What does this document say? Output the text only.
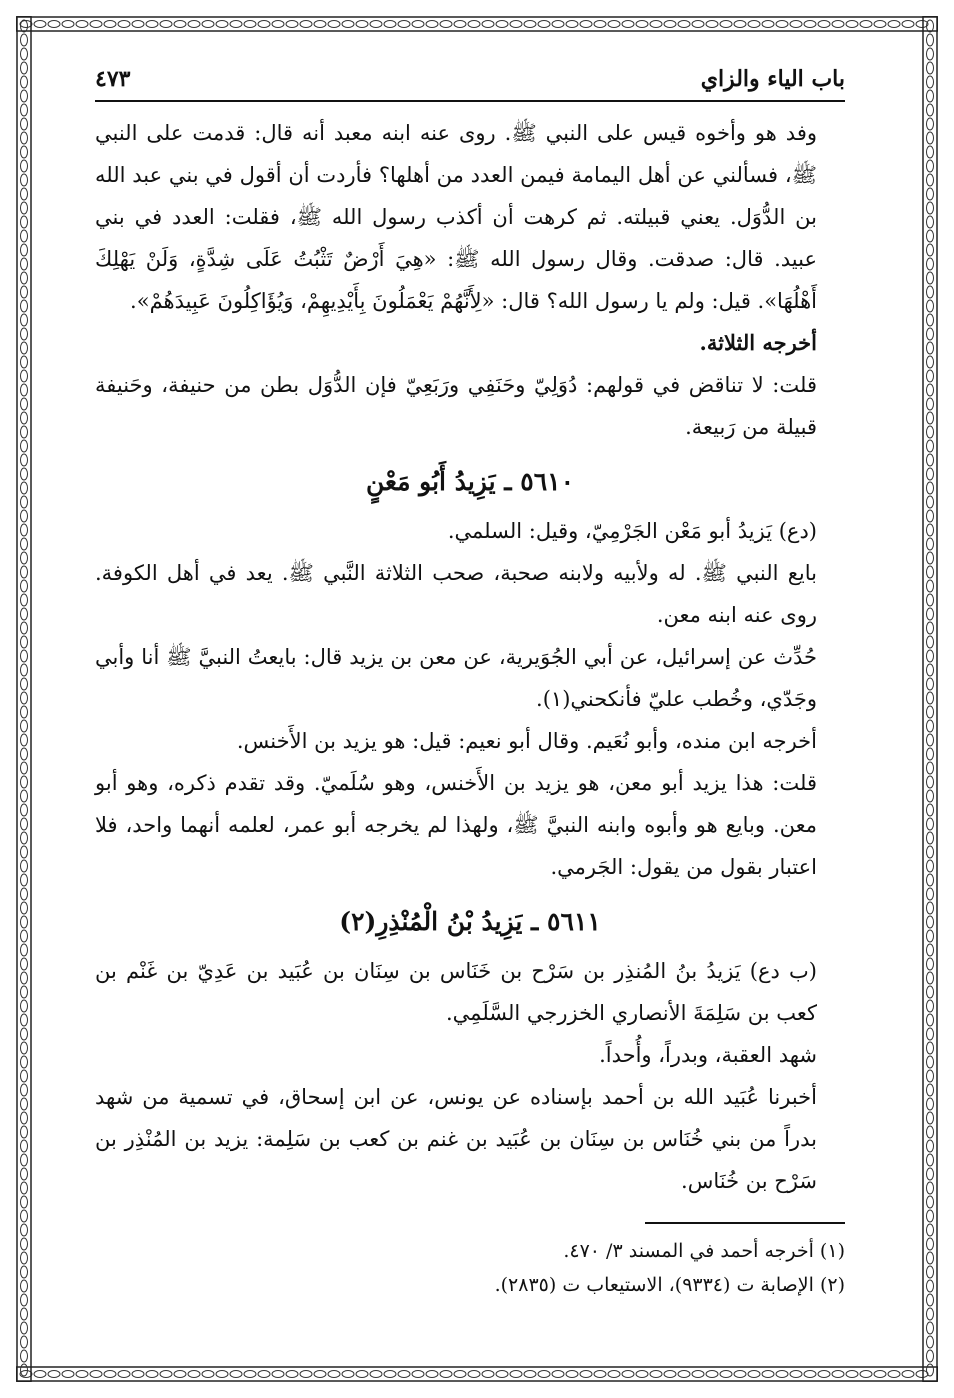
باب الياء والزاي
٤٧٣

وفد هو وأخوه قيس على النبي ﷺ. روى عنه ابنه معبد أنه قال: قدمت على النبي ﷺ، فسألني عن أهل اليمامة فيمن العدد من أهلها؟ فأردت أن أقول في بني عبد الله بن الدُّوَل. يعني قبيلته. ثم كرهت أن أكذب رسول الله ﷺ، فقلت: العدد في بني عبيد. قال: صدقت. وقال رسول الله ﷺ: «هِيَ أَرْضٌ تَثْبُتُ عَلَى شِدَّةٍ، وَلَنْ يَهْلِكَ أَهْلُهَا». قيل: ولم يا رسول الله؟ قال: «لِأَنَّهُمْ يَعْمَلُونَ بِأَيْدِيهِمْ، وَيُؤَاكِلُونَ عَبِيدَهُمْ».

أخرجه الثلاثة.

قلت: لا تناقض في قولهم: دُوَلِيّ وحَنَفِي ورَبَعِيّ فإن الدُّوَل بطن من حنيفة، وحَنيفة قبيلة من رَبيعة.

٥٦١٠ ـ يَزِيدُ أَبُو مَعْنٍ

(دع) يَزيدُ أبو مَعْن الجَرْمِيّ، وقيل: السلمي.

بايع النبي ﷺ. له ولأبيه ولابنه صحبة، صحب الثلاثة النَّبي ﷺ. يعد في أهل الكوفة. روى عنه ابنه معن.

حُدِّث عن إسرائيل، عن أبي الجُوَيرية، عن معن بن يزيد قال: بايعتُ النبيَّ ﷺ أنا وأبي وجَدّي، وخُطب عليّ فأنكحني(١).

أخرجه ابن منده، وأبو نُعَيم. وقال أبو نعيم: قيل: هو يزيد بن الأَخنس.

قلت: هذا يزيد أبو معن، هو يزيد بن الأَخنس، وهو سُلَميّ. وقد تقدم ذكره، وهو أبو معن. وبايع هو وأبوه وابنه النبيَّ ﷺ، ولهذا لم يخرجه أبو عمر، لعلمه أنهما واحد، فلا اعتبار بقول من يقول: الجَرمي.

٥٦١١ ـ يَزِيدُ بْنُ الْمُنْذِرِ(٢)

(ب دع) يَزيدُ بنُ المُنذِر بن سَرْح بن خَنَاس بن سِنَان بن عُبَيد بن عَدِيّ بن غَنْم بن كعب بن سَلِمَةَ الأنصاري الخزرجي السَّلَمِي.

شهد العقبة، وبدراً، وأُحداً.

أخبرنا عُبَيد الله بن أحمد بإسناده عن يونس، عن ابن إسحاق، في تسمية من شهد بدراً من بني خُنَاس بن سِنَان بن عُبَيد بن غنم بن كعب بن سَلِمة: يزيد بن المُنْذِر بن سَرْح بن خُنَاس.

(١) أخرجه أحمد في المسند ٣/ ٤٧٠.

(٢) الإصابة ت (٩٣٣٤)، الاستيعاب ت (٢٨٣٥).
